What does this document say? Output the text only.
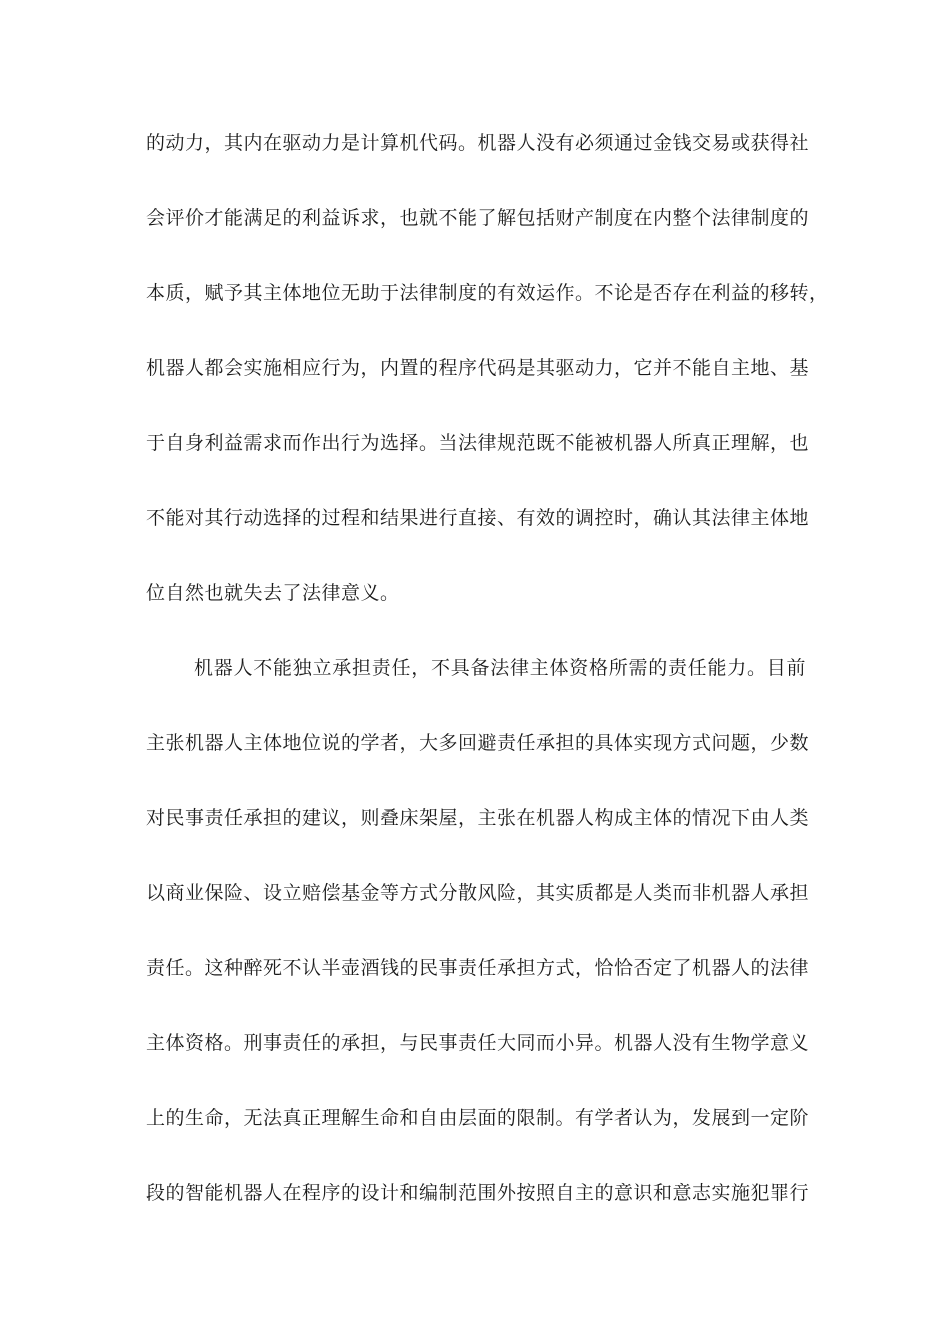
的动力，其内在驱动力是计算机代码。机器人没有必须通过金钱交易或获得社
会评价才能满足的利益诉求，也就不能了解包括财产制度在内整个法律制度的
本质，赋予其主体地位无助于法律制度的有效运作。不论是否存在利益的移转，
机器人都会实施相应行为，内置的程序代码是其驱动力，它并不能自主地、基
于自身利益需求而作出行为选择。当法律规范既不能被机器人所真正理解，也
不能对其行动选择的过程和结果进行直接、有效的调控时，确认其法律主体地
位自然也就失去了法律意义。
机器人不能独立承担责任，不具备法律主体资格所需的责任能力。目前
主张机器人主体地位说的学者，大多回避责任承担的具体实现方式问题，少数
对民事责任承担的建议，则叠床架屋，主张在机器人构成主体的情况下由人类
以商业保险、设立赔偿基金等方式分散风险，其实质都是人类而非机器人承担
责任。这种醉死不认半壶酒钱的民事责任承担方式，恰恰否定了机器人的法律
主体资格。刑事责任的承担，与民事责任大同而小异。机器人没有生物学意义
上的生命，无法真正理解生命和自由层面的限制。有学者认为，发展到一定阶
段的智能机器人在程序的设计和编制范围外按照自主的意识和意志实施犯罪行
